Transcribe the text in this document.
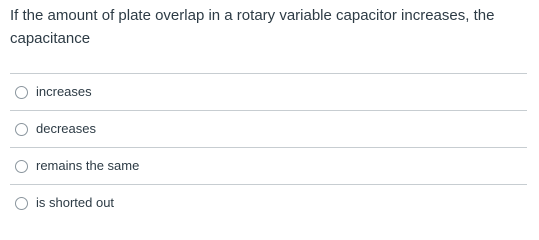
If the amount of plate overlap in a rotary variable capacitor increases, the capacitance
increases
decreases
remains the same
is shorted out
